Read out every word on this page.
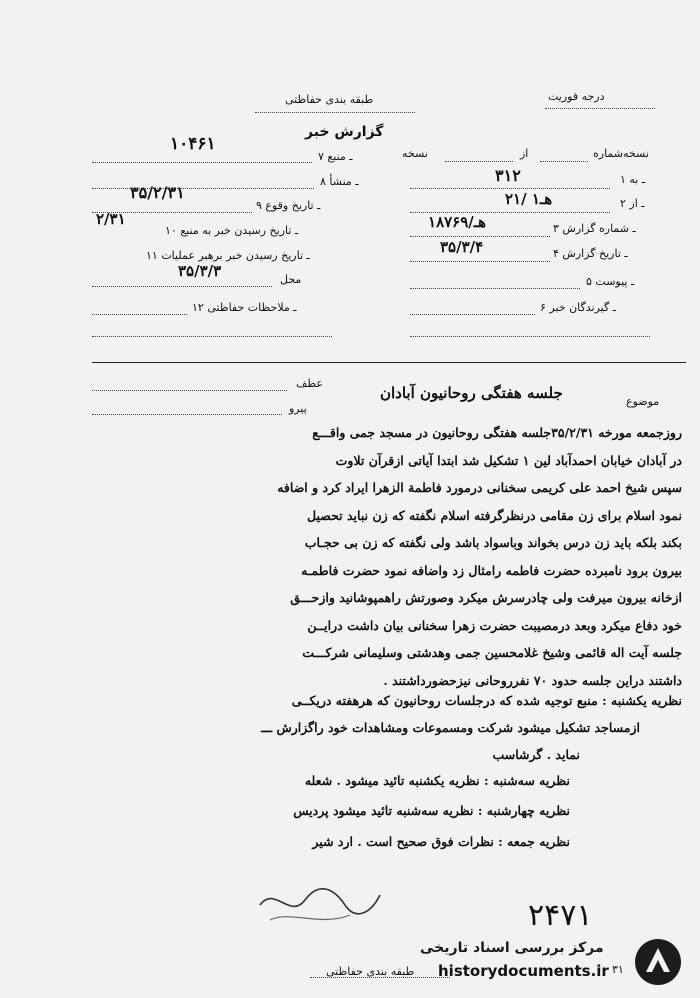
درجه فوریت
طبقه بندی حفاظتی
گزارش خبر
نسخه‌شماره
از
نسخه
۱ ـ به
۳۱۲
۲ ـ از
۲۱/ هـ۱
۳ ـ شماره گزارش
۱هـ/۸۷۶۹
۴ ـ تاریخ گزارش
۳۵/۳/۴
۵ ـ پیوست
۶ ـ گیرندگان خبر
۷ ـ منبع
۱۰۴۶۱
۸ ـ منشأ
۹ ـ تاریخ وقوع
۳۵/۲/۳۱
۱۰ ـ تاریخ رسیدن خبر به منبع
۲/۳۱
۱۱ ـ تاریخ رسیدن خبر برهبر عملیات
محل
۳۵/۳/۳
۱۲ ـ ملاحظات حفاظتی
عطف
پیرو
موضوع
جلسه هفتگی روحانیون آبادان
روزجمعه مورخه ۳۵/۲/۳۱جلسه هفتگی روحانیون در مسجد جمی واقـــع
در آبادان خیابان احمدآباد لین ۱ تشکیل شد ابتدا آیاتی ازقرآن تلاوت
سپس شیخ احمد علی کریمی سخنانی درمورد فاطمة الزهرا ایراد کرد و اضافه
نمود اسلام برای زن مقامی درنظرگرفته اسلام نگفته که زن نباید تحصیل
بکند بلکه باید زن درس بخواند وباسواد باشد ولی نگفته که زن بی حجـاب
بیرون برود نامبرده حضرت فاطمه رامثال زد واضافه نمود حضرت فاطمـه
ازخانه بیرون میرفت ولی چادرسرش میکرد وصورتش راهمپوشانید وازحـــق
خود دفاع میکرد وبعد درمصیبت حضرت زهرا سخنانی بیان داشت درایــن
جلسه آیت اله قائمی وشیخ غلامحسین جمی وهدشتی وسلیمانی شرکـــت
داشتند دراین جلسه حدود ۷۰ نفرروحانی نیزحضورداشتند .
نظریه یکشنبه : منبع توجیه شده که درجلسات روحانیون که هرهفته دریکــی
ازمساجد تشکیل میشود شرکت ومسموعات ومشاهدات خود راگزارش ـــ
نماید . گرشاسب
نظریه سه‌شنبه : نظریه یکشنبه تائید میشود . شعله
نظریه چهارشنبه : نظریه سه‌شنبه تائید میشود پردیس
نظریه جمعه : نظرات فوق صحیح است . ارد شیر
۲۴۷۱
طبقه بندی حفاظتی	۳۱
مرکز بررسی اسناد تاریخی
historydocuments.ir
